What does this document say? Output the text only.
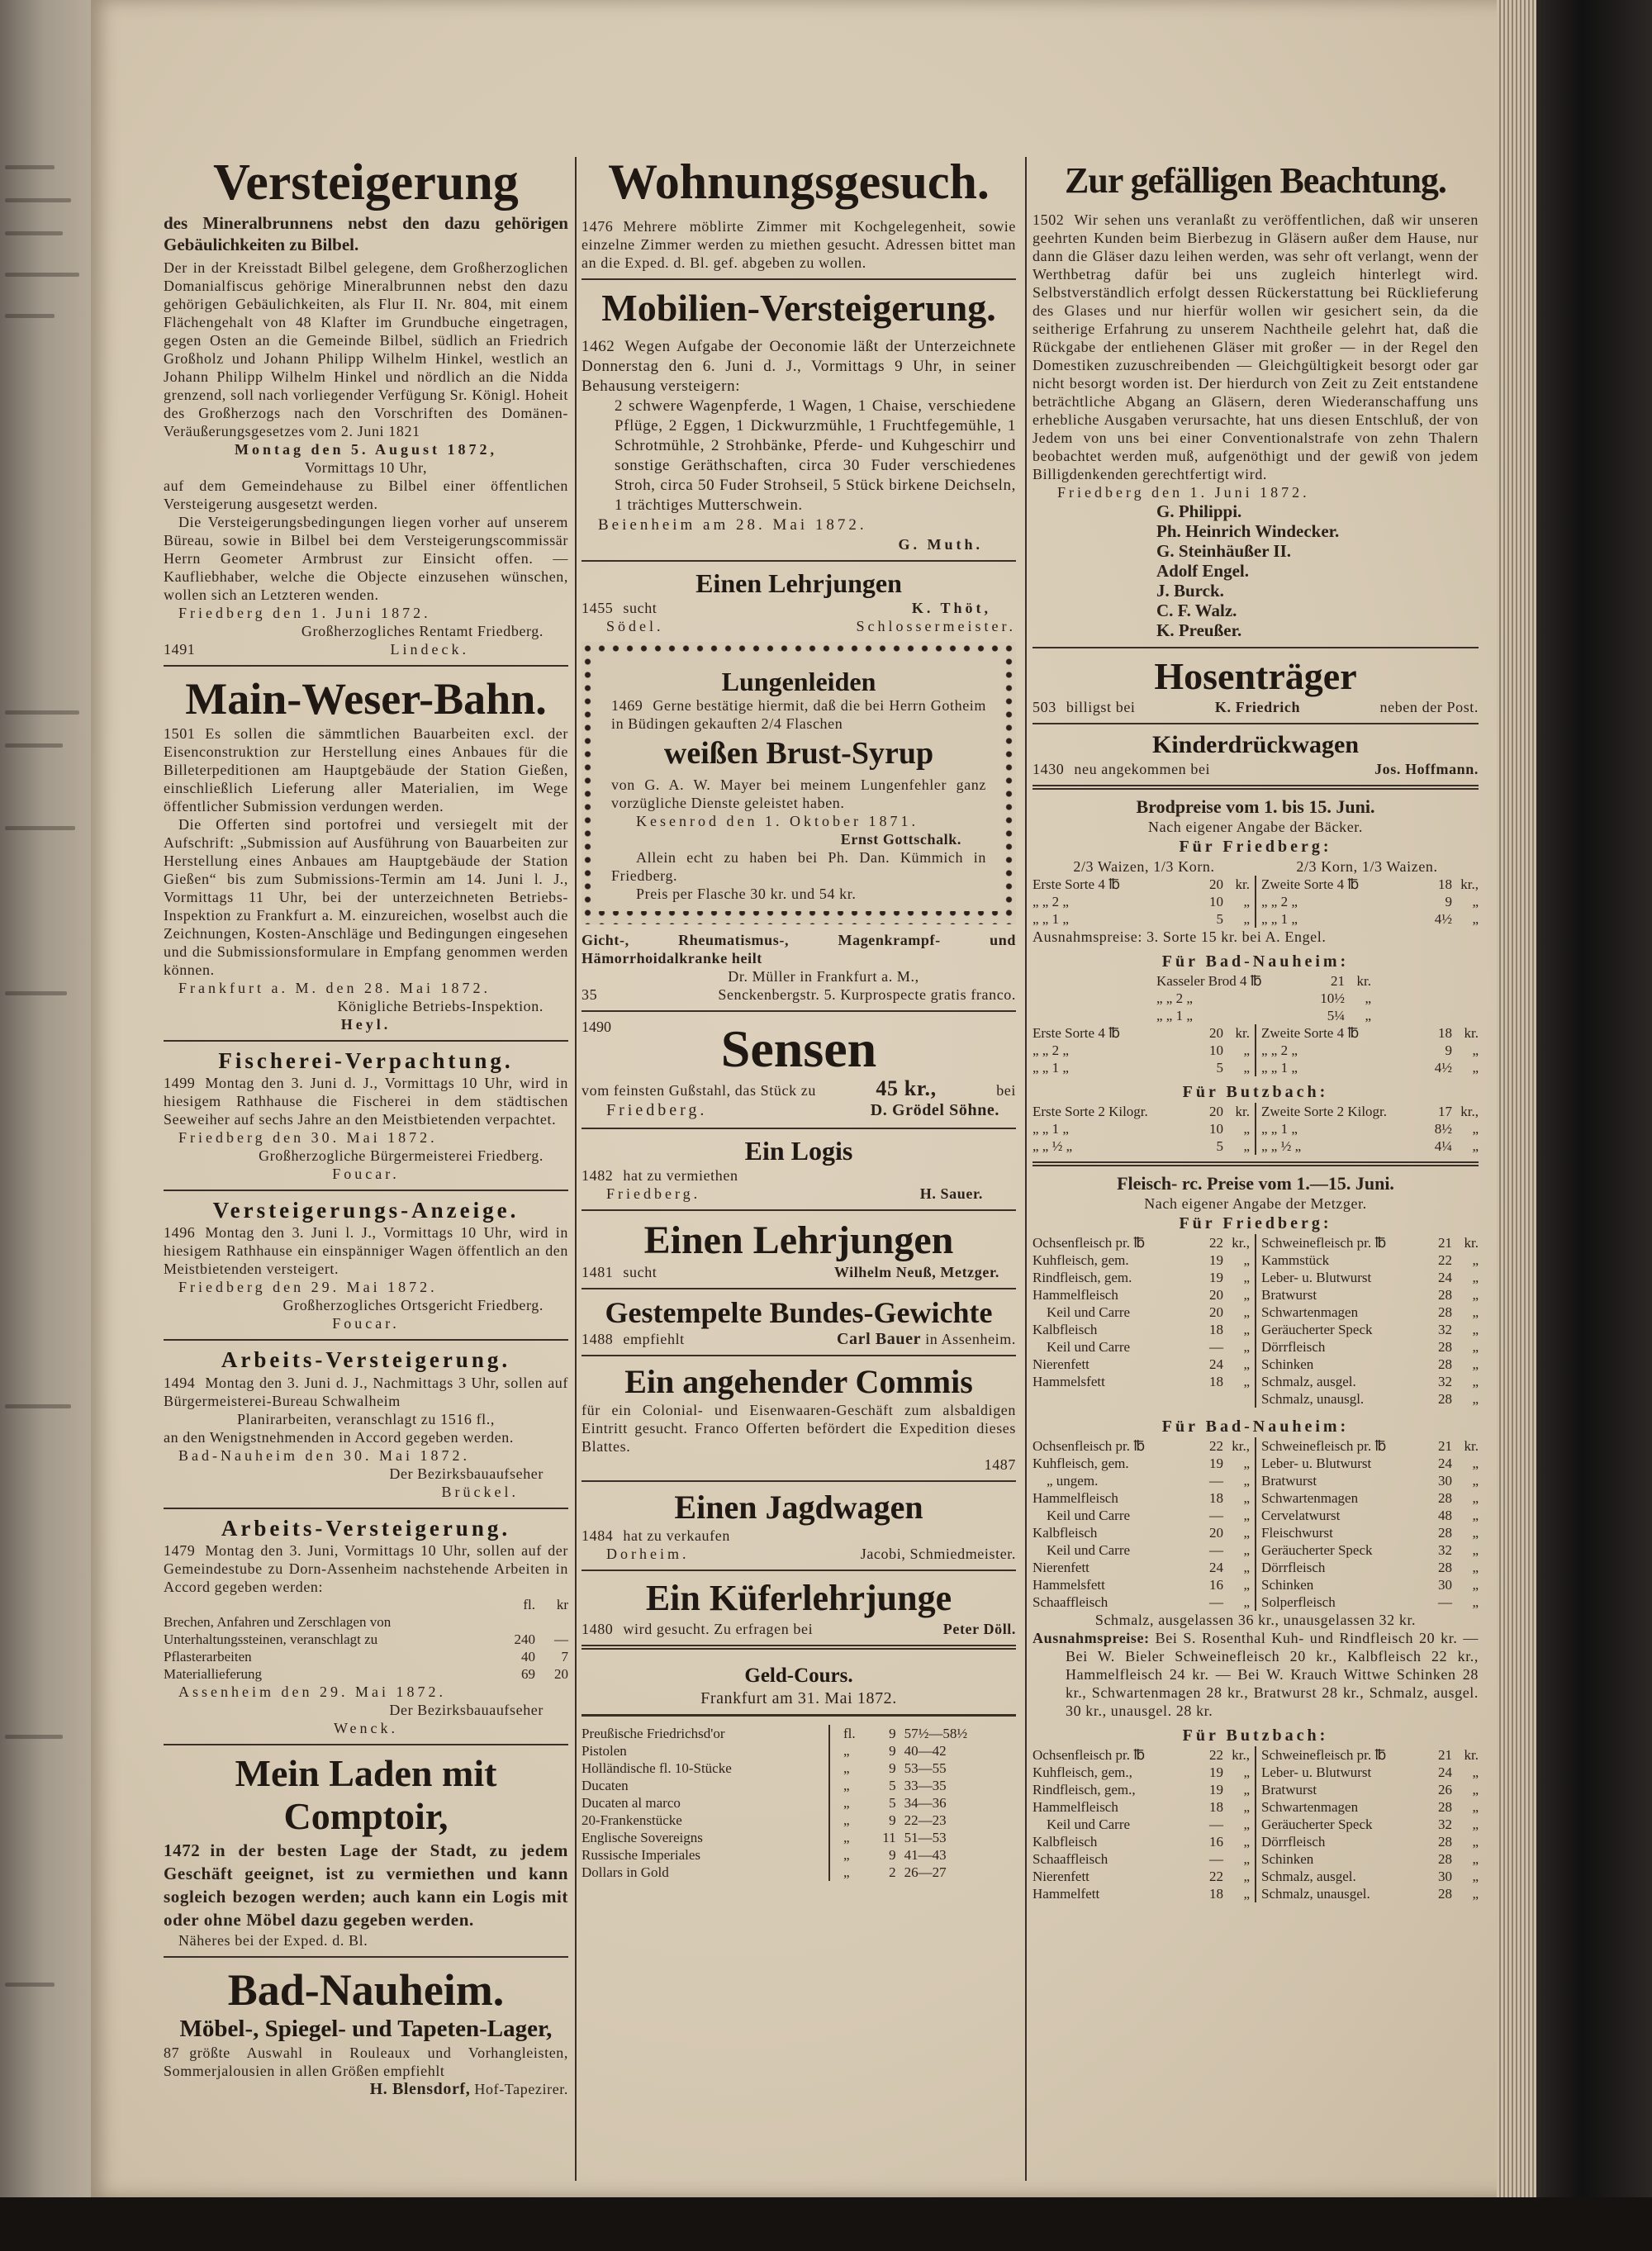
Versteigerung
des Mineralbrunnens nebst den dazu gehörigen Gebäulichkeiten zu Bilbel.
Der in der Kreisstadt Bilbel gelegene, dem Großherzoglichen Domanialfiscus gehörige Mineralbrunnen nebst den dazu gehörigen Gebäulichkeiten, als Flur II. Nr. 804, mit einem Flächengehalt von 48 Klafter im Grundbuche eingetragen, gegen Osten an die Gemeinde Bilbel, südlich an Friedrich Großholz und Johann Philipp Wilhelm Hinkel, westlich an Johann Philipp Wilhelm Hinkel und nördlich an die Nidda grenzend, soll nach vorliegender Verfügung Sr. Königl. Hoheit des Großherzogs nach den Vorschriften des Domänen-Veräußerungsgesetzes vom 2. Juni 1821
Montag den 5. August 1872,
Vormittags 10 Uhr,
auf dem Gemeindehause zu Bilbel einer öffentlichen Versteigerung ausgesetzt werden.
Die Versteigerungsbedingungen liegen vorher auf unserem Büreau, sowie in Bilbel bei dem Versteigerungscommissär Herrn Geometer Armbrust zur Einsicht offen. — Kaufliebhaber, welche die Objecte einzusehen wünschen, wollen sich an Letzteren wenden.
Friedberg den 1. Juni 1872.
Großherzogliches Rentamt Friedberg.
1491	Lindeck.
Main-Weser-Bahn.
1501 Es sollen die sämmtlichen Bauarbeiten excl. der Eisenconstruktion zur Herstellung eines Anbaues für die Billeterpeditionen am Hauptgebäude der Station Gießen, einschließlich Lieferung aller Materialien, im Wege öffentlicher Submission verdungen werden.
Die Offerten sind portofrei und versiegelt mit der Aufschrift: „Submission auf Ausführung von Bauarbeiten zur Herstellung eines Anbaues am Hauptgebäude der Station Gießen“ bis zum Submissions-Termin am 14. Juni l. J., Vormittags 11 Uhr, bei der unterzeichneten Betriebs-Inspektion zu Frankfurt a. M. einzureichen, woselbst auch die Zeichnungen, Kosten-Anschläge und Bedingungen eingesehen und die Submissionsformulare in Empfang genommen werden können.
Frankfurt a. M. den 28. Mai 1872.
Königliche Betriebs-Inspektion.
Heyl.
Fischerei-Verpachtung.
1499 Montag den 3. Juni d. J., Vormittags 10 Uhr, wird in hiesigem Rathhause die Fischerei in dem städtischen Seeweiher auf sechs Jahre an den Meistbietenden verpachtet.
Friedberg den 30. Mai 1872.
Großherzogliche Bürgermeisterei Friedberg.
Foucar.
Versteigerungs-Anzeige.
1496 Montag den 3. Juni l. J., Vormittags 10 Uhr, wird in hiesigem Rathhause ein einspänniger Wagen öffentlich an den Meistbietenden versteigert.
Friedberg den 29. Mai 1872.
Großherzogliches Ortsgericht Friedberg.
Foucar.
Arbeits-Versteigerung.
1494 Montag den 3. Juni d. J., Nachmittags 3 Uhr, sollen auf Bürgermeisterei-Bureau Schwalheim
Planirarbeiten, veranschlagt zu 1516 fl.,
an den Wenigstnehmenden in Accord gegeben werden.
Bad-Nauheim den 30. Mai 1872.
Der Bezirksbauaufseher
Brückel.
Arbeits-Versteigerung.
1479 Montag den 3. Juni, Vormittags 10 Uhr, sollen auf der Gemeindestube zu Dorn-Assenheim nachstehende Arbeiten in Accord gegeben werden:
	fl.	kr
Brechen, Anfahren und Zerschlagen von Unterhaltungssteinen, veranschlagt zu	240	—
Pflasterarbeiten	40	7
Materiallieferung	69	20
Assenheim den 29. Mai 1872.
Der Bezirksbauaufseher
Wenck.
Mein Laden mit Comptoir,
1472 in der besten Lage der Stadt, zu jedem Geschäft geeignet, ist zu vermiethen und kann sogleich bezogen werden; auch kann ein Logis mit oder ohne Möbel dazu gegeben werden.
Näheres bei der Exped. d. Bl.
Bad-Nauheim.
Möbel-, Spiegel- und Tapeten-Lager,
87 größte Auswahl in Rouleaux und Vorhangleisten, Sommerjalousien in allen Größen empfiehlt
H. Blensdorf, Hof-Tapezirer.
Wohnungsgesuch.
1476 Mehrere möblirte Zimmer mit Kochgelegenheit, sowie einzelne Zimmer werden zu miethen gesucht. Adressen bittet man an die Exped. d. Bl. gef. abgeben zu wollen.
Mobilien-Versteigerung.
1462 Wegen Aufgabe der Oeconomie läßt der Unterzeichnete Donnerstag den 6. Juni d. J., Vormittags 9 Uhr, in seiner Behausung versteigern:
2 schwere Wagenpferde, 1 Wagen, 1 Chaise, verschiedene Pflüge, 2 Eggen, 1 Dickwurzmühle, 1 Fruchtfegemühle, 1 Schrotmühle, 2 Strohbänke, Pferde- und Kuhgeschirr und sonstige Geräthschaften, circa 30 Fuder verschiedenes Stroh, circa 50 Fuder Strohseil, 5 Stück birkene Deichseln, 1 trächtiges Mutterschwein.
Beienheim am 28. Mai 1872.
G. Muth.
Einen Lehrjungen
1455 sucht	K. Thöt,
Södel.	Schlossermeister.
Lungenleiden
1469 Gerne bestätige hiermit, daß die bei Herrn Gotheim in Büdingen gekauften 2/4 Flaschen
weißen Brust-Syrup
von G. A. W. Mayer bei meinem Lungenfehler ganz vorzügliche Dienste geleistet haben.
Kesenrod den 1. Oktober 1871.
Ernst Gottschalk.
Allein echt zu haben bei Ph. Dan. Kümmich in Friedberg.
Preis per Flasche 30 kr. und 54 kr.
Gicht-, Rheumatismus-, Magenkrampf- und Hämorrhoidalkranke heilt
Dr. Müller in Frankfurt a. M.,
35	Senckenbergstr. 5. Kurprospecte gratis franco.
1490	Sensen
vom feinsten Gußstahl, das Stück zu	45 kr.,	bei
Friedberg.	D. Grödel Söhne.
Ein Logis
1482 hat zu vermiethen
Friedberg.	H. Sauer.
Einen Lehrjungen
1481 sucht	Wilhelm Neuß, Metzger.
Gestempelte Bundes-Gewichte
1488 empfiehlt	Carl Bauer in Assenheim.
Ein angehender Commis
für ein Colonial- und Eisenwaaren-Geschäft zum alsbaldigen Eintritt gesucht. Franco Offerten befördert die Expedition dieses Blattes.
1487
Einen Jagdwagen
1484 hat zu verkaufen
Dorheim.	Jacobi, Schmiedmeister.
Ein Küferlehrjunge
1480 wird gesucht. Zu erfragen bei	Peter Döll.
Geld-Cours.
Frankfurt am 31. Mai 1872.
Preußische Friedrichsd'or	fl.	9	57½—58½
Pistolen	„	9	40—42
Holländische fl. 10-Stücke	„	9	53—55
Ducaten	„	5	33—35
Ducaten al marco	„	5	34—36
20-Frankenstücke	„	9	22—23
Englische Sovereigns	„	11	51—53
Russische Imperiales	„	9	41—43
Dollars in Gold	„	2	26—27
Zur gefälligen Beachtung.
1502 Wir sehen uns veranlaßt zu veröffentlichen, daß wir unseren geehrten Kunden beim Bierbezug in Gläsern außer dem Hause, nur dann die Gläser dazu leihen werden, was sehr oft verlangt, wenn der Werthbetrag dafür bei uns zugleich hinterlegt wird. Selbstverständlich erfolgt dessen Rückerstattung bei Rücklieferung des Glases und nur hierfür wollen wir gesichert sein, da die seitherige Erfahrung zu unserem Nachtheile gelehrt hat, daß die Rückgabe der entliehenen Gläser mit großer — in der Regel den Domestiken zuzuschreibenden — Gleichgültigkeit besorgt oder gar nicht besorgt worden ist. Der hierdurch von Zeit zu Zeit entstandene beträchtliche Abgang an Gläsern, deren Wiederanschaffung uns erhebliche Ausgaben verursachte, hat uns diesen Entschluß, der von Jedem von uns bei einer Conventionalstrafe von zehn Thalern beobachtet werden muß, aufgenöthigt und der gewiß von jedem Billigdenkenden gerechtfertigt wird.
Friedberg den 1. Juni 1872.
G. Philippi.
Ph. Heinrich Windecker.
G. Steinhäußer II.
Adolf Engel.
J. Burck.
C. F. Walz.
K. Preußer.
Hosenträger
503 billigst bei	K. Friedrich	neben der Post.
Kinderdrückwagen
1430 neu angekommen bei	Jos. Hoffmann.
Brodpreise vom 1. bis 15. Juni.
Nach eigener Angabe der Bäcker.
Für Friedberg:
2/3 Waizen, 1/3 Korn.	2/3 Korn, 1/3 Waizen.
Erste Sorte 4 ℔	20 kr.
„ „ 2 „	10	„
„ „ 1 „	5	„
Zweite Sorte 4 ℔	18 kr.,
„ „ 2 „	9	„
„ „ 1 „	4½	„
Ausnahmspreise: 3. Sorte 15 kr. bei A. Engel.
Für Bad-Nauheim:
Kasseler Brod 4 ℔	21 kr.
„ „ 2 „	10½	„
„ „ 1 „	5¼	„
Erste Sorte 4 ℔	20 kr.
„ „ 2 „	10	„
„ „ 1 „	5	„
Zweite Sorte 4 ℔	18 kr.
„ „ 2 „	9	„
„ „ 1 „	4½	„
Für Butzbach:
Erste Sorte 2 Kilogr.	20 kr.
„ „ 1 „	10	„
„ „ ½ „	5	„
Zweite Sorte 2 Kilogr.	17 kr.,
„ „ 1 „	8½	„
„ „ ½ „	4¼	„
Fleisch- rc. Preise vom 1.—15. Juni.
Nach eigener Angabe der Metzger.
Für Friedberg:
Ochsenfleisch pr. ℔	22 kr.,
Kuhfleisch, gem.	19	„
Rindfleisch, gem.	19	„
Hammelfleisch	20	„
Keil und Carre	20	„
Kalbfleisch	18	„
Keil und Carre	—	„
Nierenfett	24	„
Hammelsfett	18	„
Schweinefleisch pr. ℔	21 kr.
Kammstück	22	„
Leber- u. Blutwurst	24	„
Bratwurst	28	„
Schwartenmagen	28	„
Geräucherter Speck	32	„
Dörrfleisch	28	„
Schinken	28	„
Schmalz, ausgel.	32	„
Schmalz, unausgl.	28	„
Für Bad-Nauheim:
Ochsenfleisch pr. ℔	22 kr.,
Kuhfleisch, gem.	19	„
„ ungem.	—	„
Hammelfleisch	18	„
Keil und Carre	—	„
Kalbfleisch	20	„
Keil und Carre	—	„
Nierenfett	24	„
Hammelsfett	16	„
Schaaffleisch	—	„
Schweinefleisch pr. ℔	21 kr.
Leber- u. Blutwurst	24	„
Bratwurst	30	„
Schwartenmagen	28	„
Cervelatwurst	48	„
Fleischwurst	28	„
Geräucherter Speck	32	„
Dörrfleisch	28	„
Schinken	30	„
Solperfleisch	—	„
Schmalz, ausgelassen 36 kr., unausgelassen 32 kr.
Ausnahmspreise: Bei S. Rosenthal Kuh- und Rindfleisch 20 kr. — Bei W. Bieler Schweinefleisch 20 kr., Kalbfleisch 22 kr., Hammelfleisch 24 kr. — Bei W. Krauch Wittwe Schinken 28 kr., Schwartenmagen 28 kr., Bratwurst 28 kr., Schmalz, ausgel. 30 kr., unausgel. 28 kr.
Für Butzbach:
Ochsenfleisch pr. ℔	22 kr.,
Kuhfleisch, gem.,	19	„
Rindfleisch, gem.,	19	„
Hammelfleisch	18	„
Keil und Carre	—	„
Kalbfleisch	16	„
Schaaffleisch	—	„
Nierenfett	22	„
Hammelfett	18	„
Schweinefleisch pr. ℔	21 kr.
Leber- u. Blutwurst	24	„
Bratwurst	26	„
Schwartenmagen	28	„
Geräucherter Speck	32	„
Dörrfleisch	28	„
Schinken	28	„
Schmalz, ausgel.	30	„
Schmalz, unausgel.	28	„
